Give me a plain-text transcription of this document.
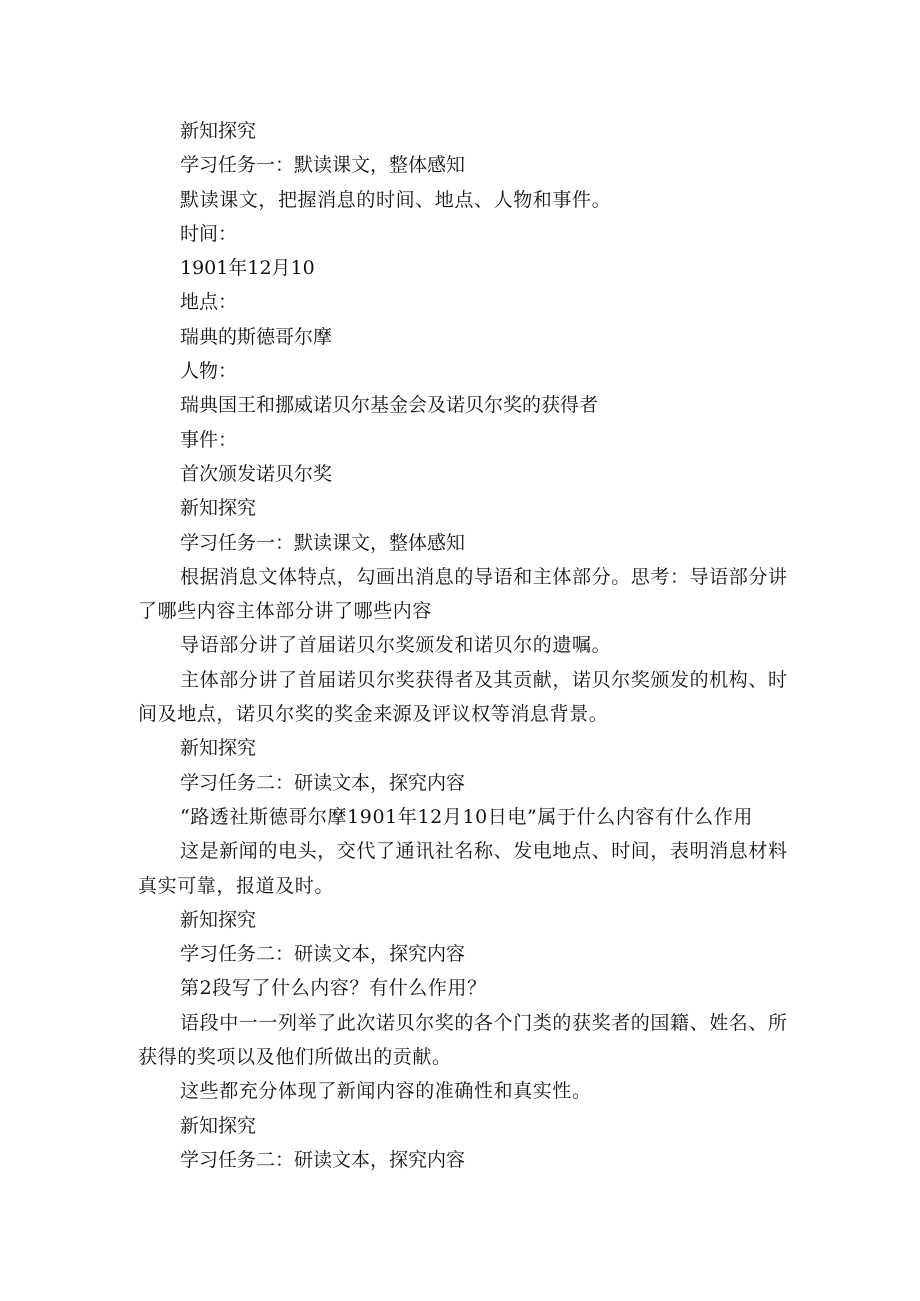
新知探究

学习任务一：默读课文，整体感知

默读课文，把握消息的时间、地点、人物和事件。

时间：

1901年12月10

地点：

瑞典的斯德哥尔摩

人物：

瑞典国王和挪威诺贝尔基金会及诺贝尔奖的获得者

事件：

首次颁发诺贝尔奖

新知探究

学习任务一：默读课文，整体感知

根据消息文体特点，勾画出消息的导语和主体部分。思考：导语部分讲了哪些内容主体部分讲了哪些内容

导语部分讲了首届诺贝尔奖颁发和诺贝尔的遗嘱。

主体部分讲了首届诺贝尔奖获得者及其贡献，诺贝尔奖颁发的机构、时间及地点，诺贝尔奖的奖金来源及评议权等消息背景。

新知探究

学习任务二：研读文本，探究内容

“路透社斯德哥尔摩1901年12月10日电”属于什么内容有什么作用

这是新闻的电头，交代了通讯社名称、发电地点、时间，表明消息材料真实可靠，报道及时。

新知探究

学习任务二：研读文本，探究内容

第2段写了什么内容？有什么作用？

语段中一一列举了此次诺贝尔奖的各个门类的获奖者的国籍、姓名、所获得的奖项以及他们所做出的贡献。

这些都充分体现了新闻内容的准确性和真实性。

新知探究

学习任务二：研读文本，探究内容
